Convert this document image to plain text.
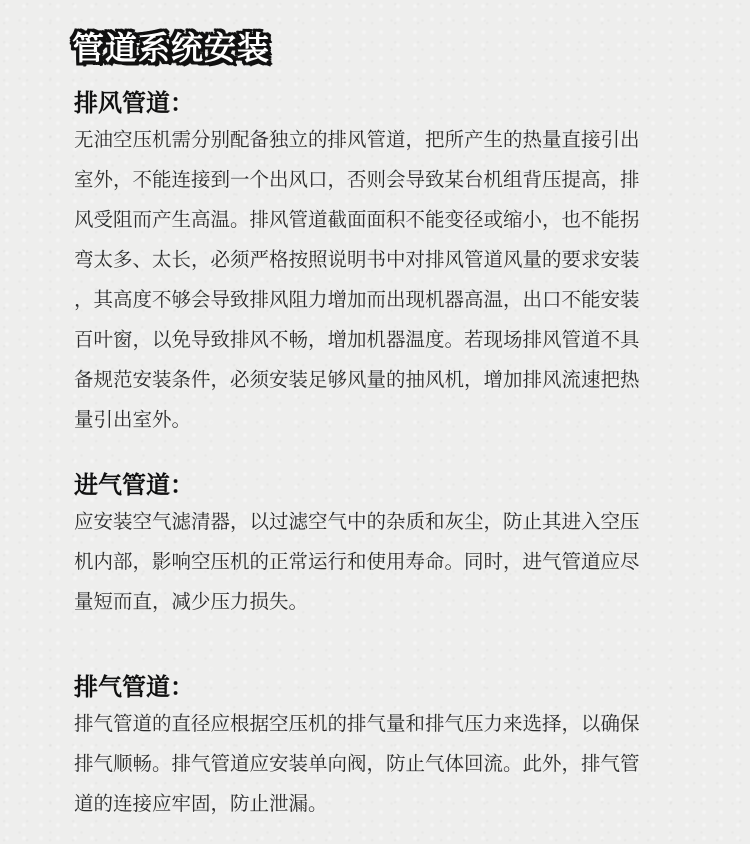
管道系统安装
排风管道：
无油空压机需分别配备独立的排风管道，把所产生的热量直接引出
室外，不能连接到一个出风口，否则会导致某台机组背压提高，排
风受阻而产生高温。排风管道截面面积不能变径或缩小，也不能拐
弯太多、太长，必须严格按照说明书中对排风管道风量的要求安装
，其高度不够会导致排风阻力增加而出现机器高温，出口不能安装
百叶窗，以免导致排风不畅，增加机器温度。若现场排风管道不具
备规范安装条件，必须安装足够风量的抽风机，增加排风流速把热
量引出室外。
进气管道：
应安装空气滤清器，以过滤空气中的杂质和灰尘，防止其进入空压
机内部，影响空压机的正常运行和使用寿命。同时，进气管道应尽
量短而直，减少压力损失。
排气管道：
排气管道的直径应根据空压机的排气量和排气压力来选择，以确保
排气顺畅。排气管道应安装单向阀，防止气体回流。此外，排气管
道的连接应牢固，防止泄漏。
